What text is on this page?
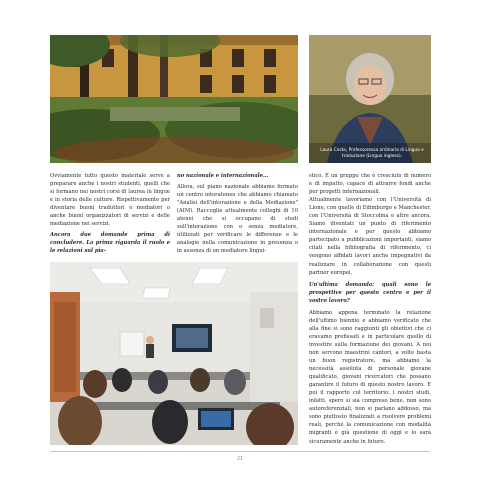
Laura Costa, Professoressa ordinaria di Lingua e traduzione (Lingua inglese).

Ovviamente tutto questo materiale serve a preparare anche i nostri studenti, quelli che si formano nei nostri corsi di laurea in lingue e in storia delle culture. Rispettivamente per diventare buoni traduttori o mediatori o anche buoni organizzatori di servizi e delle mediazione nei servizi.

Ancora due domande prima di concludere. La prima riguarda il ruolo e le relazioni sul pia-

no nazionale e internazionale…

Allora, sul piano nazionale abbiamo formato un centro interateneo che abbiamo chiamato "Analisi dell'interazione e della Mediazione" (AIM). Raccoglie attualmente colleghi di 10 atenei che si occupano di studi sull'interazione con o senza mediatore, utilizzati per verificare le differenze e le analogie nella comunicazione in presenza o in assenza di un mediatore lingui-

stico. È un gruppo che è cresciuto di numero e di impatto, capace di attrarre fondi anche per progetti internazionali.

Attualmente lavoriamo con l'Università di Lione, con quelle di Edimburgo e Manchester, con l'Università di Stoccolma e altre ancora. Siamo diventati un punto di riferimento internazionale e per questo abbiamo partecipato a pubblicazioni importanti, siamo citati nella bibliografia di riferimento, ci vengono affidati lavori anche impegnativi da realizzare in collaborazione con questi partner europei.

Un'ultima domanda: quali sono le prospettive per questo centro e per il vostro lavoro?

Abbiamo appena terminato la relazione dell'ultimo biennio e abbiamo verificato che alla fine si sono raggiunti gli obiettivi che ci eravamo prefissati e in particolare quello di investire sulla formazione dei giovani. A noi non servono maestrini cantori, a volte basta un buon registratore, ma abbiamo la necessità assoluta di personale giovane qualificato, giovani ricercatori che possano garantire il futuro di questo nostro lavoro. E poi il rapporto col territorio: i nostri studi, infatti, spero si sia compreso bene, non sono autoreferenziali, non si parlano addosso, ma sono piuttosto finalizzati a risolvere problemi reali, perché la comunicazione con modalità migranti è già questione di oggi e lo sarà sicuramente anche in futuro.

21
